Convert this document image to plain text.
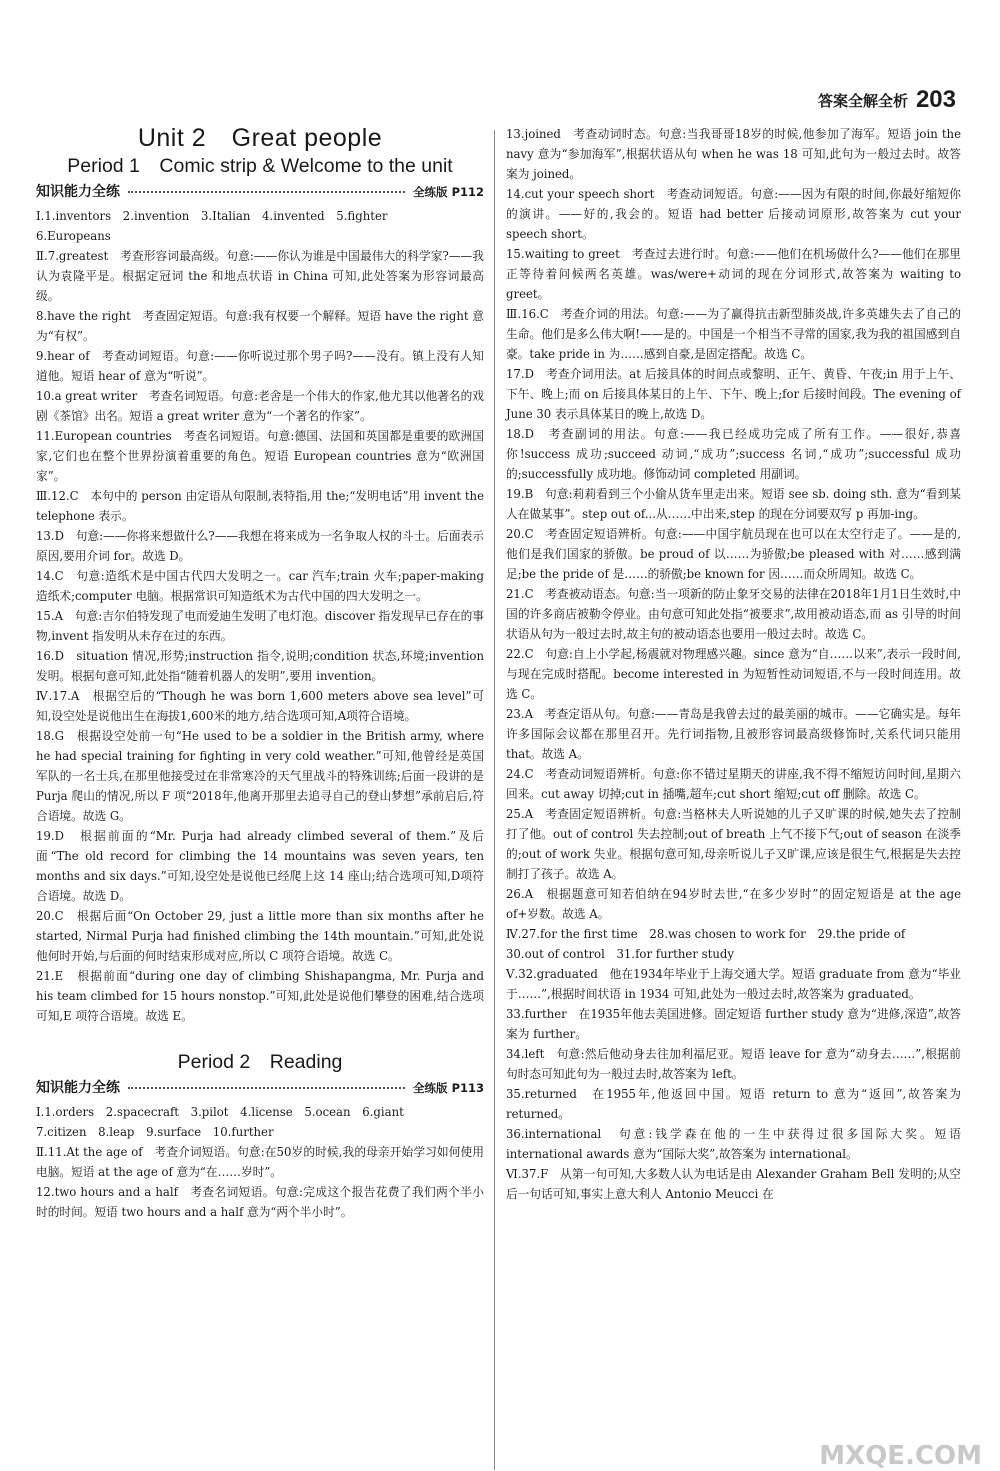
答案全解全析 203
Unit 2　Great people
Period 1　Comic strip & Welcome to the unit
知识能力全练	全练版 P112

Ⅰ.1.inventors　2.invention　3.Italian　4.invented　5.fighter

6.Europeans

Ⅱ.7.greatest　考查形容词最高级。句意:——你认为谁是中国最伟大的科学家?——我认为袁隆平是。根据定冠词 the 和地点状语 in China 可知,此处答案为形容词最高级。

8.have the right　考查固定短语。句意:我有权要一个解释。短语 have the right 意为“有权”。

9.hear of　考查动词短语。句意:——你听说过那个男子吗?——没有。镇上没有人知道他。短语 hear of 意为“听说”。

10.a great writer　考查名词短语。句意:老舍是一个伟大的作家,他尤其以他著名的戏剧《茶馆》出名。短语 a great writer 意为“一个著名的作家”。

11.European countries　考查名词短语。句意:德国、法国和英国都是重要的欧洲国家,它们也在整个世界扮演着重要的角色。短语 European countries 意为“欧洲国家”。

Ⅲ.12.C　本句中的 person 由定语从句限制,表特指,用 the;“发明电话”用 invent the telephone 表示。

13.D　句意:——你将来想做什么?——我想在将来成为一名争取人权的斗士。后面表示原因,要用介词 for。故选 D。

14.C　句意:造纸术是中国古代四大发明之一。car 汽车;train 火车;paper-making 造纸术;computer 电脑。根据常识可知造纸术为古代中国的四大发明之一。

15.A　句意:吉尔伯特发现了电而爱迪生发明了电灯泡。discover 指发现早已存在的事物,invent 指发明从未存在过的东西。

16.D　situation 情况,形势;instruction 指令,说明;condition 状态,环境;invention 发明。根据句意可知,此处指“随着机器人的发明”,要用 invention。

Ⅳ.17.A　根据空后的“Though he was born 1,600 meters above sea level”可知,设空处是说他出生在海拔1,600米的地方,结合选项可知,A项符合语境。

18.G　根据设空处前一句“He used to be a soldier in the British army, where he had special training for fighting in very cold weather.”可知,他曾经是英国军队的一名士兵,在那里他接受过在非常寒冷的天气里战斗的特殊训练;后面一段讲的是 Purja 爬山的情况,所以 F 项“2018年,他离开那里去追寻自己的登山梦想”承前启后,符合语境。故选 G。

19.D　根据前面的“Mr. Purja had already climbed several of them.”及后面“The old record for climbing the 14 mountains was seven years, ten months and six days.”可知,设空处是说他已经爬上这 14 座山;结合选项可知,D项符合语境。故选 D。

20.C　根据后面“On October 29, just a little more than six months after he started, Nirmal Purja had finished climbing the 14th mountain.”可知,此处说他何时开始,与后面的何时结束形成对应,所以 C 项符合语境。故选 C。

21.E　根据前面“during one day of climbing Shishapangma, Mr. Purja and his team climbed for 15 hours nonstop.”可知,此处是说他们攀登的困难,结合选项可知,E 项符合语境。故选 E。

Period 2　Reading
知识能力全练	全练版 P113

Ⅰ.1.orders　2.spacecraft　3.pilot　4.license　5.ocean　6.giant

7.citizen　8.leap　9.surface　10.further

Ⅱ.11.At the age of　考查介词短语。句意:在50岁的时候,我的母亲开始学习如何使用电脑。短语 at the age of 意为“在……岁时”。

12.two hours and a half　考查名词短语。句意:完成这个报告花费了我们两个半小时的时间。短语 two hours and a half 意为“两个半小时”。

13.joined　考查动词时态。句意:当我哥哥18岁的时候,他参加了海军。短语 join the navy 意为“参加海军”,根据状语从句 when he was 18 可知,此句为一般过去时。故答案为 joined。

14.cut your speech short　考查动词短语。句意:——因为有限的时间,你最好缩短你的演讲。——好的,我会的。短语 had better 后接动词原形,故答案为 cut your speech short。

15.waiting to greet　考查过去进行时。句意:——他们在机场做什么?——他们在那里正等待着问候两名英雄。was/were+动词的现在分词形式,故答案为 waiting to greet。

Ⅲ.16.C　考查介词的用法。句意:——为了赢得抗击新型肺炎战,许多英雄失去了自己的生命。他们是多么伟大啊!——是的。中国是一个相当不寻常的国家,我为我的祖国感到自豪。take pride in 为……感到自豪,是固定搭配。故选 C。

17.D　考查介词用法。at 后接具体的时间点或黎明、正午、黄昏、午夜;in 用于上午、下午、晚上;而 on 后接具体某日的上午、下午、晚上;for 后接时间段。The evening of June 30 表示具体某日的晚上,故选 D。

18.D　考查副词的用法。句意:——我已经成功完成了所有工作。——很好,恭喜你!success 成功;succeed 动词,“成功”;success 名词,“成功”;successful 成功的;successfully 成功地。修饰动词 completed 用副词。

19.B　句意:莉莉看到三个小偷从货车里走出来。短语 see sb. doing sth. 意为“看到某人在做某事”。step out of...从……中出来,step 的现在分词要双写 p 再加-ing。

20.C　考查固定短语辨析。句意:——中国宇航员现在也可以在太空行走了。——是的,他们是我们国家的骄傲。be proud of 以……为骄傲;be pleased with 对……感到满足;be the pride of 是……的骄傲;be known for 因……而众所周知。故选 C。

21.C　考查被动语态。句意:当一项新的防止象牙交易的法律在2018年1月1日生效时,中国的许多商店被勒令停业。由句意可知此处指“被要求”,故用被动语态,而 as 引导的时间状语从句为一般过去时,故主句的被动语态也要用一般过去时。故选 C。

22.C　句意:自上小学起,杨震就对物理感兴趣。since 意为“自……以来”,表示一段时间,与现在完成时搭配。become interested in 为短暂性动词短语,不与一段时间连用。故选 C。

23.A　考查定语从句。句意:——青岛是我曾去过的最美丽的城市。——它确实是。每年许多国际会议都在那里召开。先行词指物,且被形容词最高级修饰时,关系代词只能用 that。故选 A。

24.C　考查动词短语辨析。句意:你不错过星期天的讲座,我不得不缩短访问时间,星期六回来。cut away 切掉;cut in 插嘴,超车;cut short 缩短;cut off 删除。故选 C。

25.A　考查固定短语辨析。句意:当格林夫人听说她的儿子又旷课的时候,她失去了控制打了他。out of control 失去控制;out of breath 上气不接下气;out of season 在淡季的;out of work 失业。根据句意可知,母亲听说儿子又旷课,应该是很生气,根据是失去控制打了孩子。故选 A。

26.A　根据题意可知若伯纳在94岁时去世,“在多少岁时”的固定短语是 at the age of+岁数。故选 A。

Ⅳ.27.for the first time　28.was chosen to work for　29.the pride of

30.out of control　31.for further study

Ⅴ.32.graduated　他在1934年毕业于上海交通大学。短语 graduate from 意为“毕业于……”,根据时间状语 in 1934 可知,此处为一般过去时,故答案为 graduated。

33.further　在1935年他去美国进修。固定短语 further study 意为“进修,深造”,故答案为 further。

34.left　句意:然后他动身去往加利福尼亚。短语 leave for 意为“动身去……”,根据前句时态可知此句为一般过去时,故答案为 left。

35.returned　在1955年,他返回中国。短语 return to 意为“返回”,故答案为 returned。

36.international　句意:钱学森在他的一生中获得过很多国际大奖。短语 international awards 意为“国际大奖”,故答案为 international。

Ⅵ.37.F　从第一句可知,大多数人认为电话是由 Alexander Graham Bell 发明的;从空后一句话可知,事实上意大利人 Antonio Meucci 在

MXQE.COM
